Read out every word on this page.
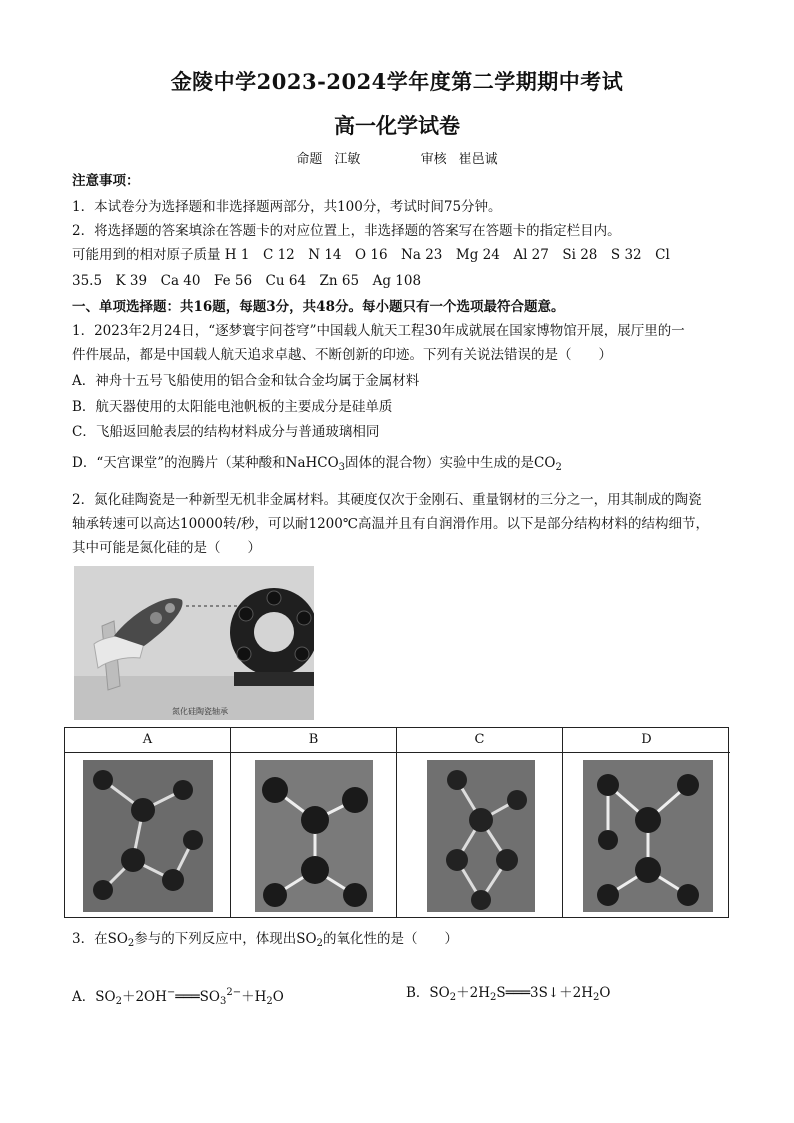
金陵中学2023-2024学年度第二学期期中考试
高一化学试卷
命题 江敏	审核 崔邑诚
注意事项：
1．本试卷分为选择题和非选择题两部分，共100分，考试时间75分钟。
2．将选择题的答案填涂在答题卡的对应位置上，非选择题的答案写在答题卡的指定栏目内。
可能用到的相对原子质量 H 1　C 12　N 14　O 16　Na 23　Mg 24　Al 27　Si 28　S 32　Cl
35.5　K 39　Ca 40　Fe 56　Cu 64　Zn 65　Ag 108
一、单项选择题：共16题，每题3分，共48分。每小题只有一个选项最符合题意。
1．2023年2月24日，“逐梦寰宇问苍穹”中国载人航天工程30年成就展在国家博物馆开展，展厅里的一
件件展品，都是中国载人航天追求卓越、不断创新的印迹。下列有关说法错误的是（　　）
A．神舟十五号飞船使用的铝合金和钛合金均属于金属材料
B．航天器使用的太阳能电池帆板的主要成分是硅单质
C．飞船返回舱表层的结构材料成分与普通玻璃相同
D．“天宫课堂”的泡腾片（某种酸和NaHCO$_3$固体的混合物）实验中生成的是$CO_2$
2．氮化硅陶瓷是一种新型无机非金属材料。其硬度仅次于金刚石、重量钢材的三分之一，用其制成的陶瓷
轴承转速可以高达10000转/秒，可以耐1200℃高温并且有自润滑作用。以下是部分结构材料的结构细节，
其中可能是氮化硅的是（　　）
氮化硅陶瓷轴承
A	B	C	D
3．在$SO_2$参与的下列反应中，体现出$SO_2$的氧化性的是（　　）
A．$SO_2+2OH^-═══SO_3^{2-}+H_2O$	B．$SO_2+2H_2S═══3S↓+2H_2O$
